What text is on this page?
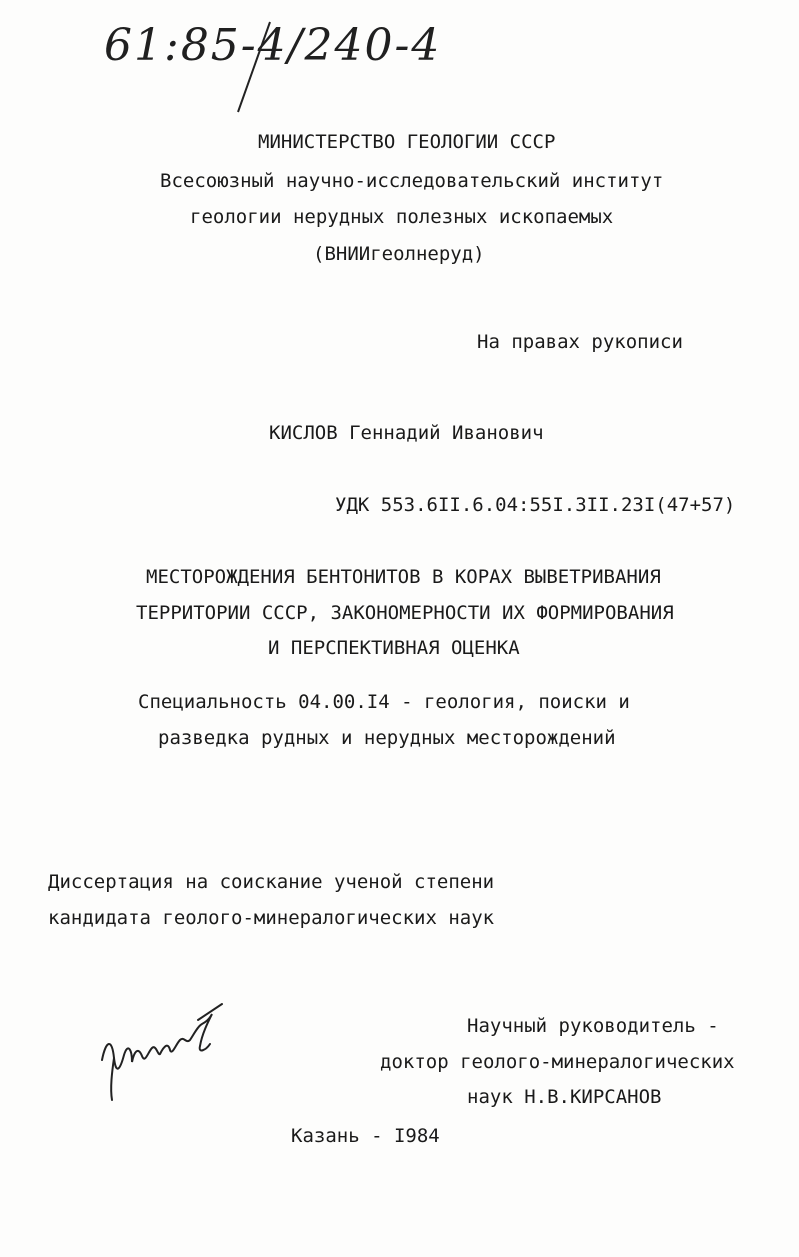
61:85-4/240-4
МИНИСТЕРСТВО ГЕОЛОГИИ СССР
Всесоюзный научно-исследовательский институт
геологии нерудных полезных ископаемых
(ВНИИгеолнеруд)
На правах рукописи
КИСЛОВ Геннадий Иванович
УДК 553.6II.6.04:55I.3II.23I(47+57)
МЕСТОРОЖДЕНИЯ БЕНТОНИТОВ В КОРАХ ВЫВЕТРИВАНИЯ
ТЕРРИТОРИИ СССР, ЗАКОНОМЕРНОСТИ ИХ ФОРМИРОВАНИЯ
И ПЕРСПЕКТИВНАЯ ОЦЕНКА
Специальность 04.00.I4 - геология, поиски и
разведка рудных и нерудных месторождений
Диссертация на соискание ученой степени
кандидата геолого-минералогических наук
Научный руководитель -
доктор геолого-минералогических
наук Н.В.КИРСАНОВ
Казань - I984
